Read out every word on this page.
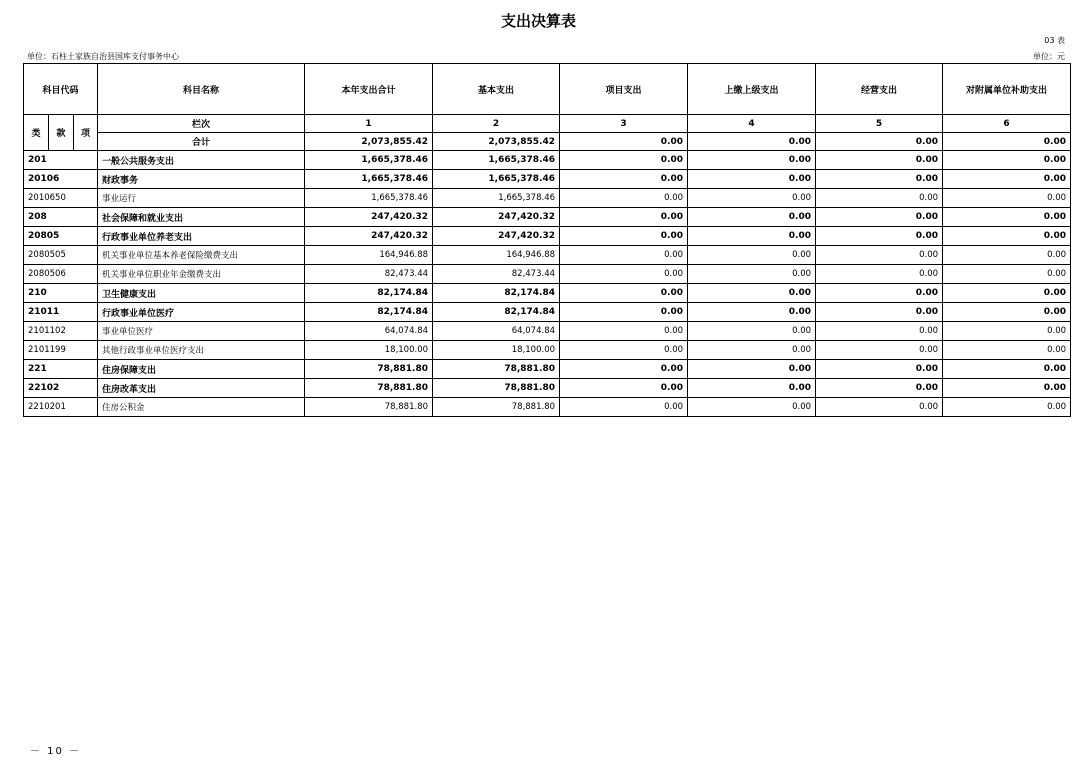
支出决算表
03 表
单位：石柱土家族自治县国库支付事务中心	单位：元
科目代码			科目名称	本年支出合计	基本支出	项目支出	上缴上级支出	经营支出	对附属单位补助支出
类	款	项	栏次	1	2	3	4	5	6
			合计	2,073,855.42	2,073,855.42	0.00	0.00	0.00	0.00
201			一般公共服务支出	1,665,378.46	1,665,378.46	0.00	0.00	0.00	0.00
20106			财政事务	1,665,378.46	1,665,378.46	0.00	0.00	0.00	0.00
2010650			事业运行	1,665,378.46	1,665,378.46	0.00	0.00	0.00	0.00
208			社会保障和就业支出	247,420.32	247,420.32	0.00	0.00	0.00	0.00
20805			行政事业单位养老支出	247,420.32	247,420.32	0.00	0.00	0.00	0.00
2080505			机关事业单位基本养老保险缴费支出	164,946.88	164,946.88	0.00	0.00	0.00	0.00
2080506			机关事业单位职业年金缴费支出	82,473.44	82,473.44	0.00	0.00	0.00	0.00
210			卫生健康支出	82,174.84	82,174.84	0.00	0.00	0.00	0.00
21011			行政事业单位医疗	82,174.84	82,174.84	0.00	0.00	0.00	0.00
2101102			事业单位医疗	64,074.84	64,074.84	0.00	0.00	0.00	0.00
2101199			其他行政事业单位医疗支出	18,100.00	18,100.00	0.00	0.00	0.00	0.00
221			住房保障支出	78,881.80	78,881.80	0.00	0.00	0.00	0.00
22102			住房改革支出	78,881.80	78,881.80	0.00	0.00	0.00	0.00
2210201			住房公积金	78,881.80	78,881.80	0.00	0.00	0.00	0.00
－ 10 －
